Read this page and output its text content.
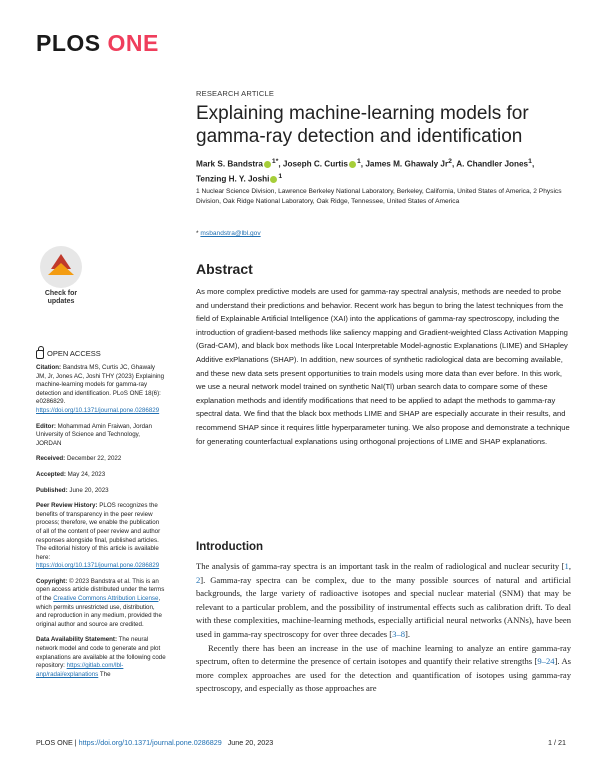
PLOS ONE
RESEARCH ARTICLE
Explaining machine-learning models for gamma-ray detection and identification
Mark S. Bandstra $^{1*}$, Joseph C. Curtis $^1$, James M. Ghawaly Jr$^2$, A. Chandler Jones$^1$,
Tenzing H. Y. Joshi $^1$
1 Nuclear Science Division, Lawrence Berkeley National Laboratory, Berkeley, California, United States of America, 2 Physics Division, Oak Ridge National Laboratory, Oak Ridge, Tennessee, United States of America
* msbandstra@lbl.gov
Check for
updates
OPEN ACCESS
Citation: Bandstra MS, Curtis JC, Ghawaly JM, Jr, Jones AC, Joshi THY (2023) Explaining machine-learning models for gamma-ray detection and identification. PLoS ONE 18(6): e0286829. https://doi.org/10.1371/journal.pone.0286829
Editor: Mohammad Amin Fraiwan, Jordan University of Science and Technology, JORDAN
Received: December 22, 2022
Accepted: May 24, 2023
Published: June 20, 2023
Peer Review History: PLOS recognizes the benefits of transparency in the peer review process; therefore, we enable the publication of all of the content of peer review and author responses alongside final, published articles. The editorial history of this article is available here: https://doi.org/10.1371/journal.pone.0286829
Copyright: © 2023 Bandstra et al. This is an open access article distributed under the terms of the Creative Commons Attribution License, which permits unrestricted use, distribution, and reproduction in any medium, provided the original author and source are credited.
Data Availability Statement: The neural network model and code to generate and plot explanations are available at the following code repository: https://gitlab.com/lbl-anp/radai/explanations The
Abstract

As more complex predictive models are used for gamma-ray spectral analysis, methods are needed to probe and understand their predictions and behavior. Recent work has begun to bring the latest techniques from the field of Explainable Artificial Intelligence (XAI) into the applications of gamma-ray spectroscopy, including the introduction of gradient-based methods like saliency mapping and Gradient-weighted Class Activation Mapping (Grad-CAM), and black box methods like Local Interpretable Model-agnostic Explanations (LIME) and SHapley Additive exPlanations (SHAP). In addition, new sources of synthetic radiological data are becoming available, and these new data sets present opportunities to train models using more data than ever before. In this work, we use a neural network model trained on synthetic NaI(Tl) urban search data to compare some of these explanation methods and identify modifications that need to be applied to adapt the methods to gamma-ray spectral data. We find that the black box methods LIME and SHAP are especially accurate in their results, and recommend SHAP since it requires little hyperparameter tuning. We also propose and demonstrate a technique for generating counterfactual explanations using orthogonal projections of LIME and SHAP explanations.

Introduction

The analysis of gamma-ray spectra is an important task in the realm of radiological and nuclear security [1, 2]. Gamma-ray spectra can be complex, due to the many possible sources of natural and artificial backgrounds, the large variety of radioactive isotopes and special nuclear material (SNM) that may be relevant to a particular problem, and the possibility of instrumental effects such as calibration drift. To deal with these complexities, machine-learning methods, especially artificial neural networks (ANNs), have been used in gamma-ray spectroscopy for over three decades [3–8].

Recently there has been an increase in the use of machine learning to analyze an entire gamma-ray spectrum, often to determine the presence of certain isotopes and quantify their relative strengths [9–24]. As more complex approaches are used for the detection and quantification of isotopes using gamma-ray spectroscopy, and especially as those approaches are

PLOS ONE | https://doi.org/10.1371/journal.pone.0286829 June 20, 2023	1 / 21
